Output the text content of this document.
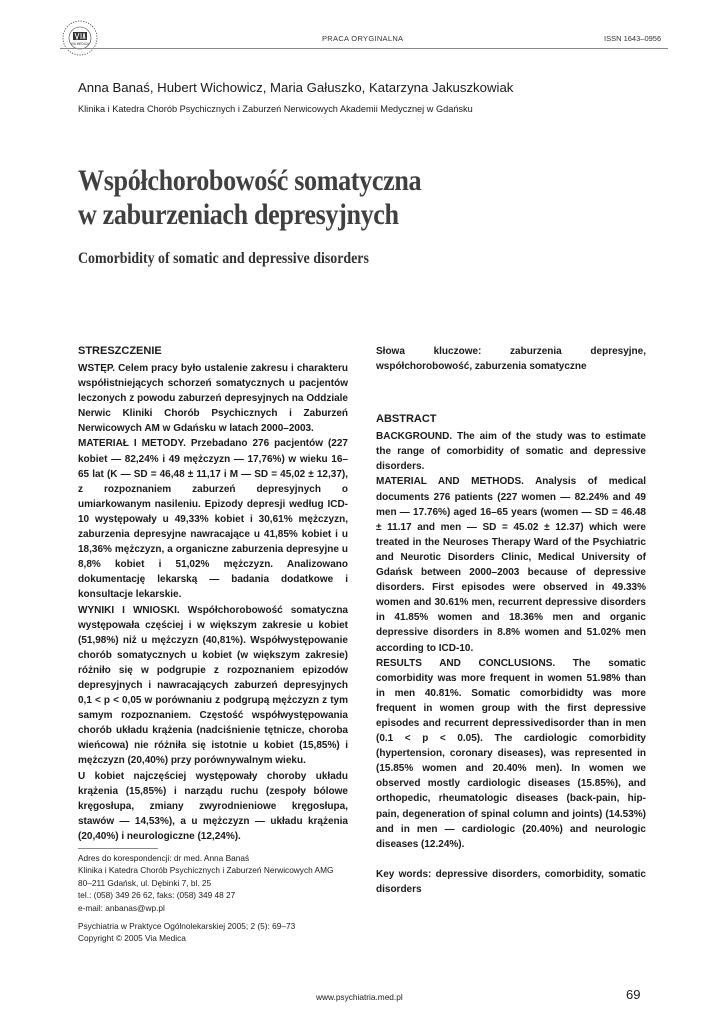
VIA MEDICA
PRACA ORYGINALNA	ISSN 1643–0956
Anna Banaś, Hubert Wichowicz, Maria Gałuszko, Katarzyna Jakuszkowiak
Klinika i Katedra Chorób Psychicznych i Zaburzeń Nerwicowych Akademii Medycznej w Gdańsku
Współchorobowość somatyczna
w zaburzeniach depresyjnych
Comorbidity of somatic and depressive disorders
STRESZCZENIE

WSTĘP. Celem pracy było ustalenie zakresu i charakteru współistniejących schorzeń somatycznych u pacjentów leczonych z powodu zaburzeń depresyjnych na Oddziale Nerwic Kliniki Chorób Psychicznych i Zaburzeń Nerwicowych AM w Gdańsku w latach 2000–2003.

MATERIAŁ I METODY. Przebadano 276 pacjentów (227 kobiet — 82,24% i 49 mężczyzn — 17,76%) w wieku 16–65 lat (K — SD = 46,48 ± 11,17 i M — SD = 45,02 ± 12,37), z rozpoznaniem zaburzeń depresyjnych o umiarkowanym nasileniu. Epizody depresji według ICD-10 występowały u 49,33% kobiet i 30,61% mężczyzn, zaburzenia depresyjne nawracające u 41,85% kobiet i u 18,36% mężczyzn, a organiczne zaburzenia depresyjne u 8,8% kobiet i 51,02% mężczyzn. Analizowano dokumentację lekarską — badania dodatkowe i konsultacje lekarskie.

WYNIKI I WNIOSKI. Współchorobowość somatyczna występowała częściej i w większym zakresie u kobiet (51,98%) niż u mężczyzn (40,81%). Współwystępowanie chorób somatycznych u kobiet (w większym zakresie) różniło się w podgrupie z rozpoznaniem epizodów depresyjnych i nawracających zaburzeń depresyjnych 0,1 < p < 0,05 w porównaniu z podgrupą mężczyzn z tym samym rozpoznaniem. Częstość współwystępowania chorób układu krążenia (nadciśnienie tętnicze, choroba wieńcowa) nie różniła się istotnie u kobiet (15,85%) i mężczyzn (20,40%) przy porównywalnym wieku.

U kobiet najczęściej występowały choroby układu krążenia (15,85%) i narządu ruchu (zespoły bólowe kręgosłupa, zmiany zwyrodnieniowe kręgosłupa, stawów — 14,53%), a u mężczyzn — układu krążenia (20,40%) i neurologiczne (12,24%).

Słowa kluczowe: zaburzenia depresyjne, współchorobowość, zaburzenia somatyczne

ABSTRACT

BACKGROUND. The aim of the study was to estimate the range of comorbidity of somatic and depressive disorders.

MATERIAL AND METHODS. Analysis of medical documents 276 patients (227 women — 82.24% and 49 men — 17.76%) aged 16–65 years (women — SD = 46.48 ± 11.17 and men — SD = 45.02 ± 12.37) which were treated in the Neuroses Therapy Ward of the Psychiatric and Neurotic Disorders Clinic, Medical University of Gdańsk between 2000–2003 because of depressive disorders. First episodes were observed in 49.33% women and 30.61% men, recurrent depressive disorders in 41.85% women and 18.36% men and organic depressive disorders in 8.8% women and 51.02% men according to ICD-10.

RESULTS AND CONCLUSIONS. The somatic comorbidity was more frequent in women 51.98% than in men 40.81%. Somatic comorbididty was more frequent in women group with the first depressive episodes and recurrent depressivedisorder than in men (0.1 < p < 0.05). The cardiologic comorbidity (hypertension, coronary diseases), was represented in (15.85% women and 20.40% men). In women we observed mostly cardiologic diseases (15.85%), and orthopedic, rheumatologic diseases (back-pain, hip-pain, degeneration of spinal column and joints) (14.53%) and in men — cardiologic (20.40%) and neurologic diseases (12.24%).

Key words: depressive disorders, comorbidity, somatic disorders

Adres do korespondencji: dr med. Anna Banaś
Klinika i Katedra Chorób Psychicznych i Zaburzeń Nerwicowych AMG
80–211 Gdańsk, ul. Dębinki 7, bl. 25
tel.: (058) 349 26 62, faks: (058) 349 48 27
e-mail: anbanas@wp.pl
Psychiatria w Praktyce Ogólnolekarskiej 2005; 2 (5): 69–73
Copyright © 2005 Via Medica
www.psychiatria.med.pl	69
